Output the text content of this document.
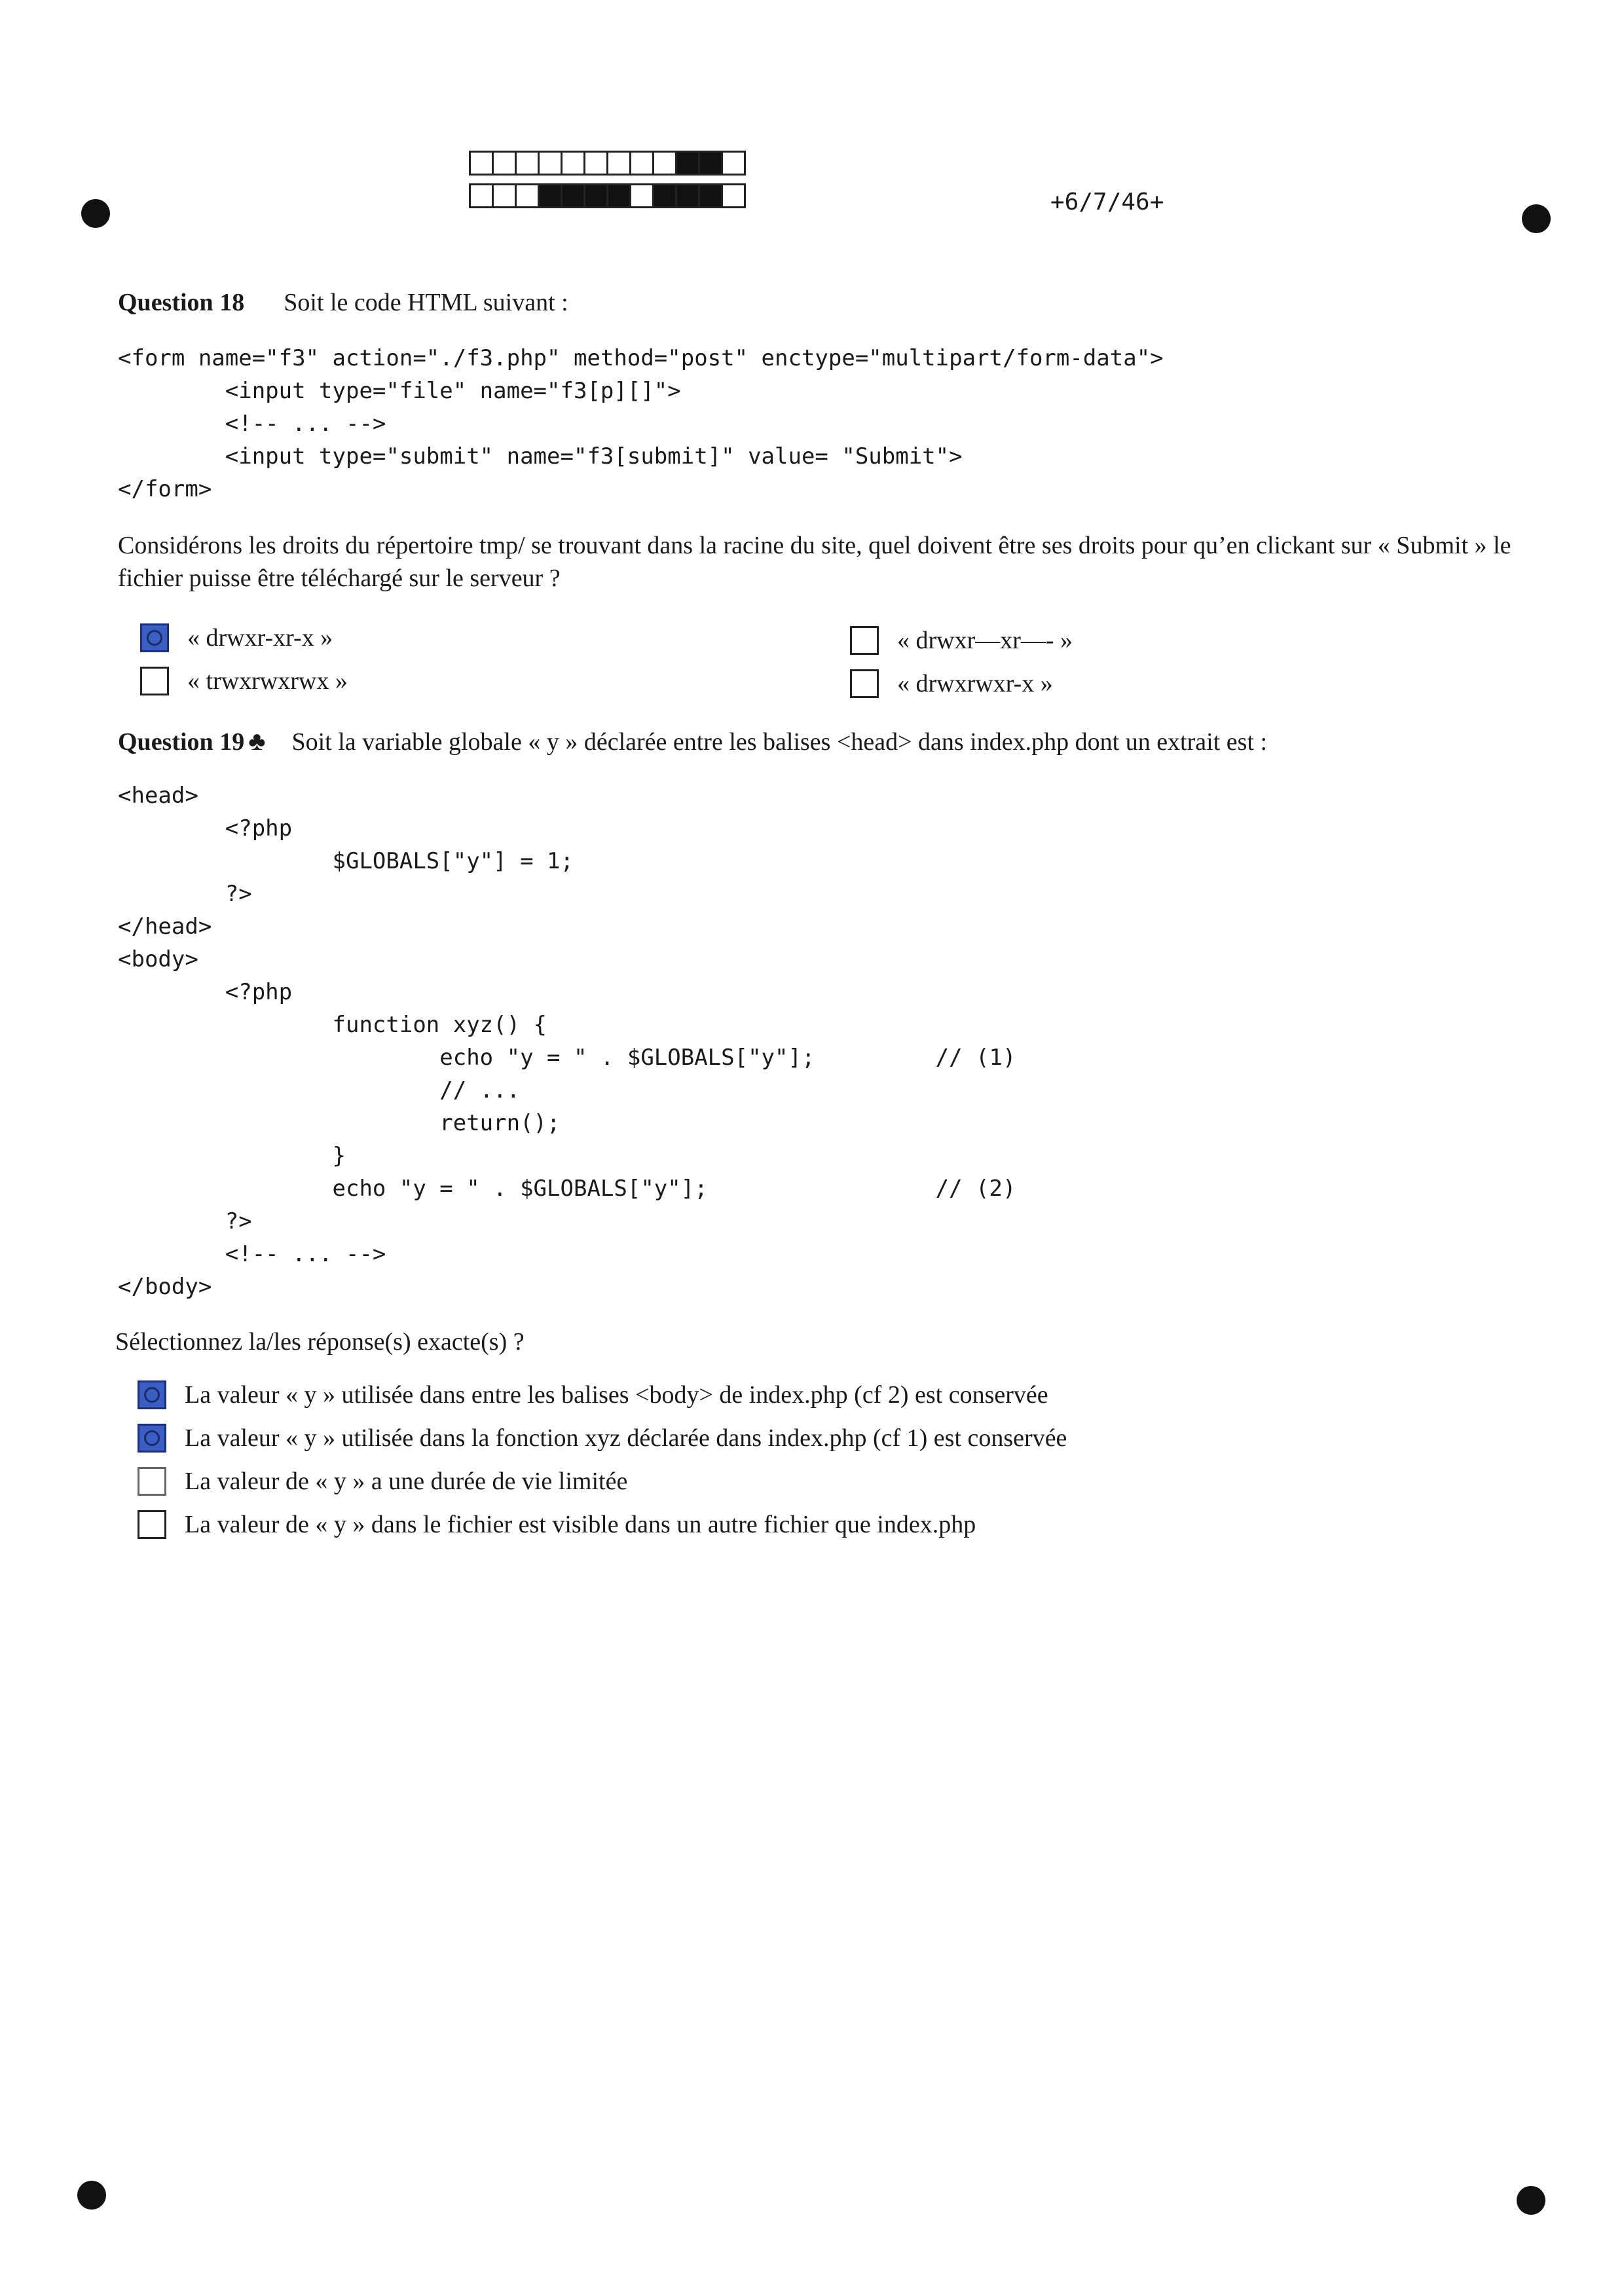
+6/7/46+
Question 18 Soit le code HTML suivant :
<form name="f3" action="./f3.php" method="post" enctype="multipart/form-data">
<input type="file" name="f3[p][]">
<!-- ... -->
<input type="submit" name="f3[submit]" value= "Submit">
</form>
Considérons les droits du répertoire tmp/ se trouvant dans la racine du site, quel doivent être ses droits pour qu’en clickant sur « Submit » le fichier puisse être téléchargé sur le serveur ?
« drwxr-xr-x »	« drwxr—xr—- »
« trwxrwxrwx »	« drwxrwxr-x »
Question 19 ♣ Soit la variable globale « y » déclarée entre les balises <head> dans index.php dont un extrait est :
<head>
<?php
$GLOBALS["y"] = 1;
?>
</head>
<body>
<?php
function xyz() {
echo "y = " . $GLOBALS["y"];         // (1)
// ...
return();
}
echo "y = " . $GLOBALS["y"];                 // (2)
?>
<!-- ... -->
</body>
Sélectionnez la/les réponse(s) exacte(s) ?
La valeur « y » utilisée dans entre les balises <body> de index.php (cf 2) est conservée
La valeur « y » utilisée dans la fonction xyz déclarée dans index.php (cf 1) est conservée
La valeur de « y » a une durée de vie limitée
La valeur de « y » dans le fichier est visible dans un autre fichier que index.php
